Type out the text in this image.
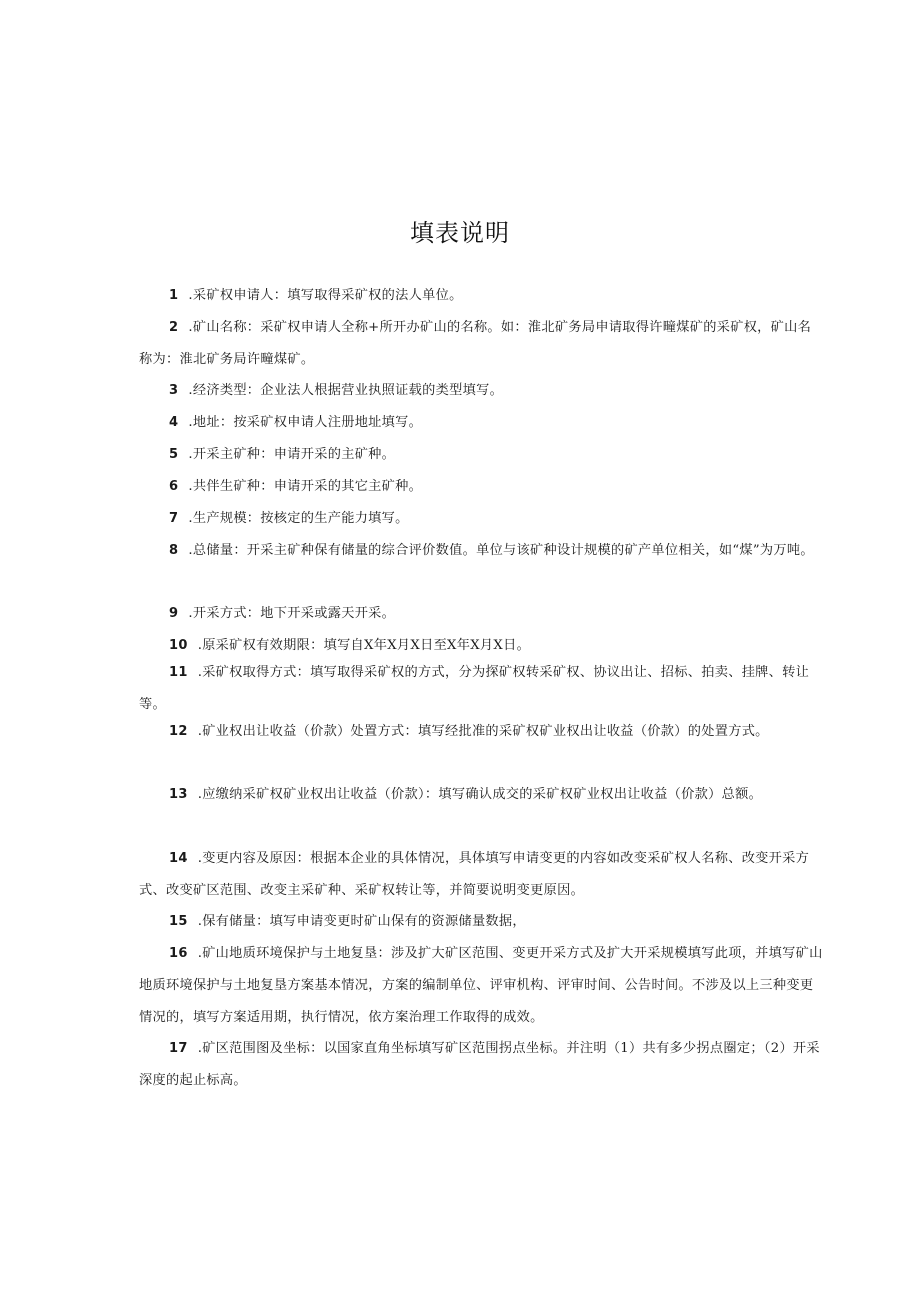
填表说明

1 .采矿权申请人：填写取得采矿权的法人单位。

2 .矿山名称：采矿权申请人全称+所开办矿山的名称。如：淮北矿务局申请取得许疃煤矿的采矿权，矿山名称为：淮北矿务局许疃煤矿。

3 .经济类型：企业法人根据营业执照证载的类型填写。

4 .地址：按采矿权申请人注册地址填写。

5 .开采主矿种：申请开采的主矿种。

6 .共伴生矿种：申请开采的其它主矿种。

7 .生产规模：按核定的生产能力填写。

8 .总储量：开采主矿种保有储量的综合评价数值。单位与该矿种设计规模的矿产单位相关，如“煤”为万吨。

9 .开采方式：地下开采或露天开采。

10 .原采矿权有效期限：填写自X年X月X日至X年X月X日。

11 .采矿权取得方式：填写取得采矿权的方式，分为探矿权转采矿权、协议出让、招标、拍卖、挂牌、转让等。

12 .矿业权出让收益（价款）处置方式：填写经批准的采矿权矿业权出让收益（价款）的处置方式。

13 .应缴纳采矿权矿业权出让收益（价款）：填写确认成交的采矿权矿业权出让收益（价款）总额。

14 .变更内容及原因：根据本企业的具体情况，具体填写申请变更的内容如改变采矿权人名称、改变开采方式、改变矿区范围、改变主采矿种、采矿权转让等，并简要说明变更原因。

15 .保有储量：填写申请变更时矿山保有的资源储量数据，

16 .矿山地质环境保护与土地复垦：涉及扩大矿区范围、变更开采方式及扩大开采规模填写此项，并填写矿山地质环境保护与土地复垦方案基本情况，方案的编制单位、评审机构、评审时间、公告时间。不涉及以上三种变更情况的，填写方案适用期，执行情况，依方案治理工作取得的成效。

17 .矿区范围图及坐标：以国家直角坐标填写矿区范围拐点坐标。并注明（1）共有多少拐点圈定；（2）开采深度的起止标高。
